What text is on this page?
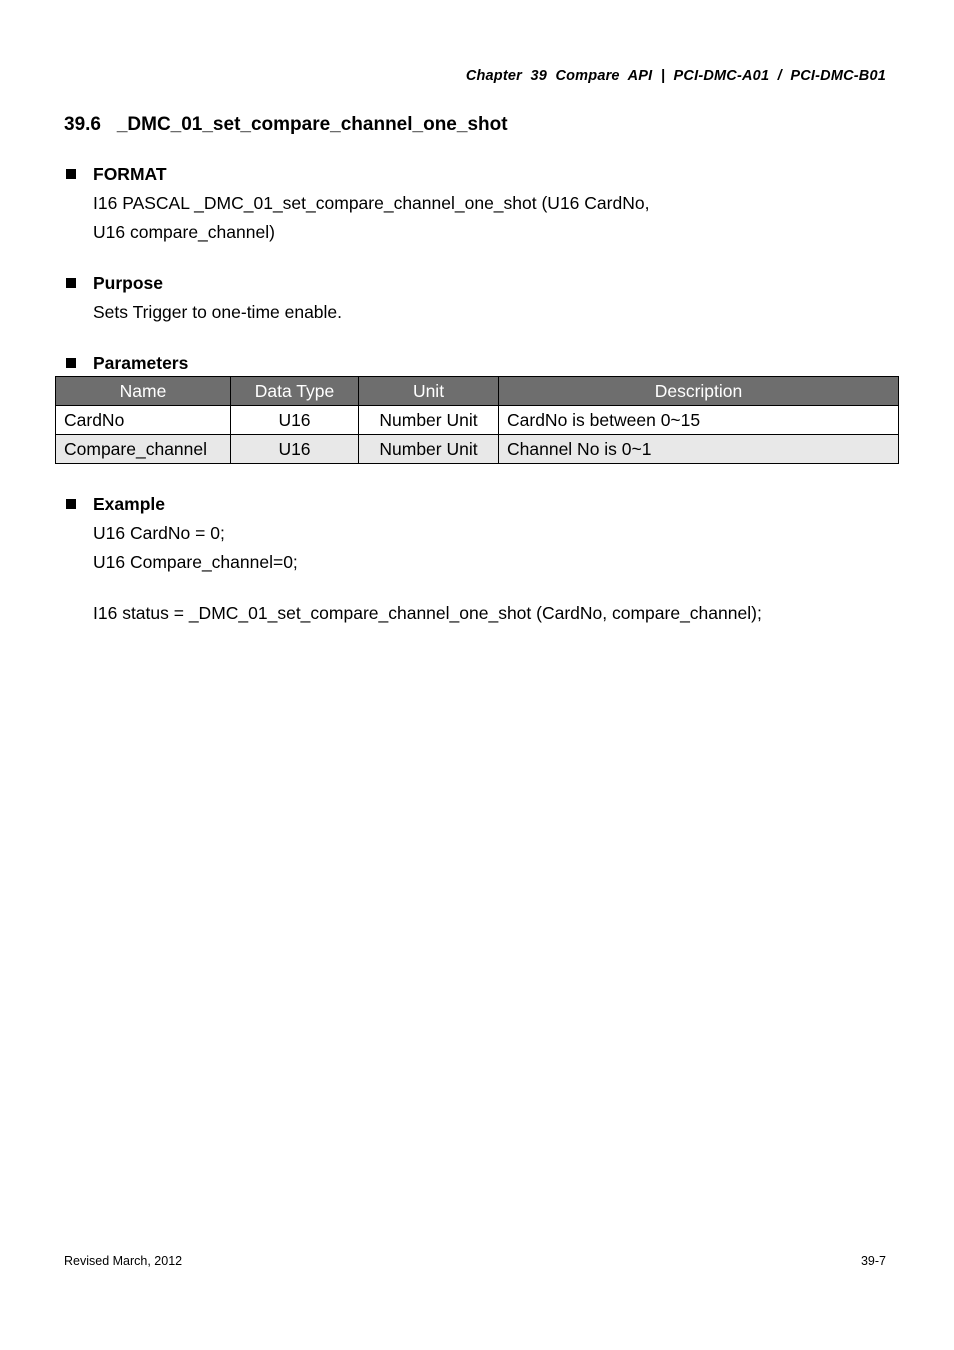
Chapter  39  Compare  API  |  PCI-DMC-A01  /  PCI-DMC-B01
39.6 _DMC_01_set_compare_channel_one_shot
FORMAT
I16 PASCAL _DMC_01_set_compare_channel_one_shot (U16 CardNo,
U16 compare_channel)
Purpose
Sets Trigger to one-time enable.
Parameters
Name	Data Type	Unit	Description
CardNo	U16	Number Unit	CardNo is between 0~15
Compare_channel	U16	Number Unit	Channel No is 0~1
Example
U16 CardNo = 0;
U16 Compare_channel=0;
I16 status = _DMC_01_set_compare_channel_one_shot (CardNo, compare_channel);
Revised March, 2012	39-7
